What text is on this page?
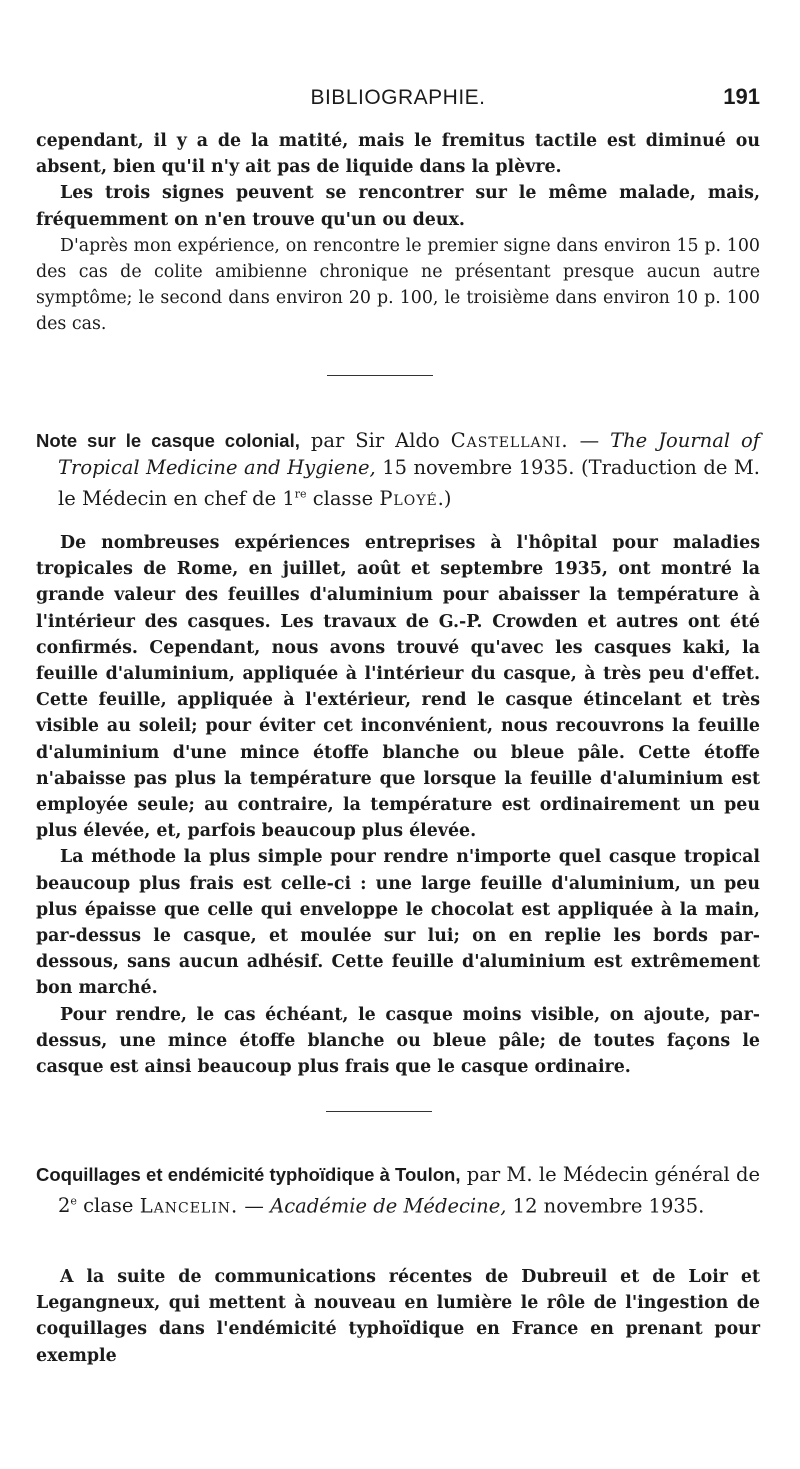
BIBLIOGRAPHIE.	191

cependant, il y a de la matité, mais le fremitus tactile est diminué ou absent, bien qu'il n'y ait pas de liquide dans la plèvre.

Les trois signes peuvent se rencontrer sur le même malade, mais, fréquemment on n'en trouve qu'un ou deux.

D'après mon expérience, on rencontre le premier signe dans environ 15 p. 100 des cas de colite amibienne chronique ne présentant presque aucun autre symptôme; le second dans environ 20 p. 100, le troisième dans environ 10 p. 100 des cas.

Note sur le casque colonial, par Sir Aldo Castellani. — The Journal of Tropical Medicine and Hygiene, 15 novembre 1935. (Traduction de M. le Médecin en chef de 1re classe Ployé.)

De nombreuses expériences entreprises à l'hôpital pour maladies tropicales de Rome, en juillet, août et septembre 1935, ont montré la grande valeur des feuilles d'aluminium pour abaisser la température à l'intérieur des casques. Les travaux de G.-P. Crowden et autres ont été confirmés. Cependant, nous avons trouvé qu'avec les casques kaki, la feuille d'aluminium, appliquée à l'intérieur du casque, à très peu d'effet. Cette feuille, appliquée à l'extérieur, rend le casque étincelant et très visible au soleil; pour éviter cet inconvénient, nous recouvrons la feuille d'aluminium d'une mince étoffe blanche ou bleue pâle. Cette étoffe n'abaisse pas plus la température que lorsque la feuille d'aluminium est employée seule; au contraire, la température est ordinairement un peu plus élevée, et, parfois beaucoup plus élevée.

La méthode la plus simple pour rendre n'importe quel casque tropical beaucoup plus frais est celle-ci : une large feuille d'aluminium, un peu plus épaisse que celle qui enveloppe le chocolat est appliquée à la main, par-dessus le casque, et moulée sur lui; on en replie les bords par-dessous, sans aucun adhésif. Cette feuille d'aluminium est extrêmement bon marché.

Pour rendre, le cas échéant, le casque moins visible, on ajoute, par-dessus, une mince étoffe blanche ou bleue pâle; de toutes façons le casque est ainsi beaucoup plus frais que le casque ordinaire.

Coquillages et endémicité typhoïdique à Toulon, par M. le Médecin général de 2e clase Lancelin. — Académie de Médecine, 12 novembre 1935.

A la suite de communications récentes de Dubreuil et de Loir et Legangneux, qui mettent à nouveau en lumière le rôle de l'ingestion de coquillages dans l'endémicité typhoïdique en France en prenant pour exemple
